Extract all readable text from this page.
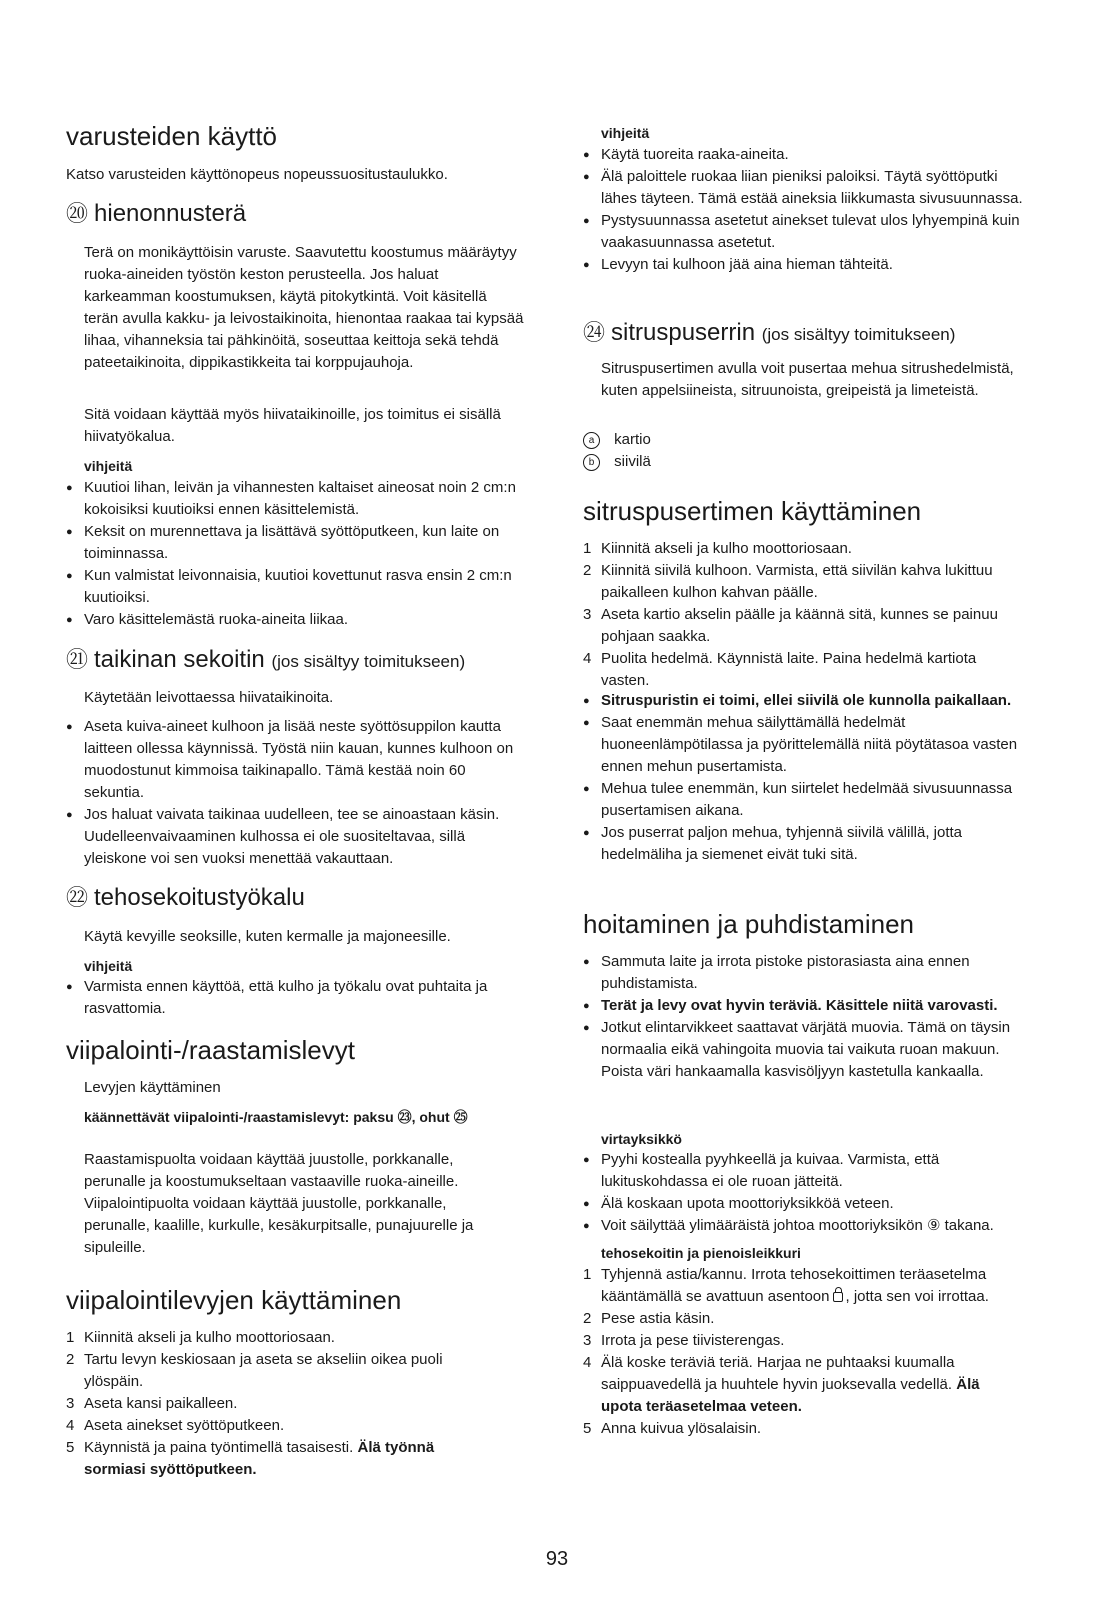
varusteiden käyttö
Katso varusteiden käyttönopeus nopeussuositustaulukko.
⑳ hienonnusterä
Terä on monikäyttöisin varuste. Saavutettu koostumus määräytyy ruoka-aineiden työstön keston perusteella. Jos haluat karkeamman koostumuksen, käytä pitokytkintä. Voit käsitellä terän avulla kakku- ja leivostaikinoita, hienontaa raakaa tai kypsää lihaa, vihanneksia tai pähkinöitä, soseuttaa keittoja sekä tehdä pateetaikinoita, dippikastikkeita tai korppujauhoja.
Sitä voidaan käyttää myös hiivataikinoille, jos toimitus ei sisällä hiivatyökalua.
vihjeitä
● Kuutioi lihan, leivän ja vihannesten kaltaiset aineosat noin 2 cm:n kokoisiksi kuutioiksi ennen käsittelemistä.
● Keksit on murennettava ja lisättävä syöttöputkeen, kun laite on toiminnassa.
● Kun valmistat leivonnaisia, kuutioi kovettunut rasva ensin 2 cm:n kuutioiksi.
● Varo käsittelemästä ruoka-aineita liikaa.
㉑ taikinan sekoitin (jos sisältyy toimitukseen)
Käytetään leivottaessa hiivataikinoita.
● Aseta kuiva-aineet kulhoon ja lisää neste syöttösuppilon kautta laitteen ollessa käynnissä. Työstä niin kauan, kunnes kulhoon on muodostunut kimmoisa taikinapallo. Tämä kestää noin 60 sekuntia.
● Jos haluat vaivata taikinaa uudelleen, tee se ainoastaan käsin. Uudelleenvaivaaminen kulhossa ei ole suositeltavaa, sillä yleiskone voi sen vuoksi menettää vakauttaan.
㉒ tehosekoitustyökalu
Käytä kevyille seoksille, kuten kermalle ja majoneesille.
vihjeitä
● Varmista ennen käyttöä, että kulho ja työkalu ovat puhtaita ja rasvattomia.
viipalointi-/raastamislevyt
Levyjen käyttäminen
käännettävät viipalointi-/raastamislevyt: paksu ㉓, ohut ㉕
Raastamispuolta voidaan käyttää juustolle, porkkanalle, perunalle ja koostumukseltaan vastaaville ruoka-aineille. Viipalointipuolta voidaan käyttää juustolle, porkkanalle, perunalle, kaalille, kurkulle, kesäkurpitsalle, punajuurelle ja sipuleille.
viipalointilevyjen käyttäminen
1 Kiinnitä akseli ja kulho moottoriosaan.
2 Tartu levyn keskiosaan ja aseta se akseliin oikea puoli ylöspäin.
3 Aseta kansi paikalleen.
4 Aseta ainekset syöttöputkeen.
5 Käynnistä ja paina työntimellä tasaisesti. Älä työnnä sormiasi syöttöputkeen.
vihjeitä
● Käytä tuoreita raaka-aineita.
● Älä paloittele ruokaa liian pieniksi paloiksi. Täytä syöttöputki lähes täyteen. Tämä estää aineksia liikkumasta sivusuunnassa.
● Pystysuunnassa asetetut ainekset tulevat ulos lyhyempinä kuin vaakasuunnassa asetetut.
● Levyyn tai kulhoon jää aina hieman tähteitä.
㉔ sitruspuserrin (jos sisältyy toimitukseen)
Sitruspusertimen avulla voit pusertaa mehua sitrushedelmistä, kuten appelsiineista, sitruunoista, greipeistä ja limeteistä.
a kartio
b siivilä
sitruspusertimen käyttäminen
1 Kiinnitä akseli ja kulho moottoriosaan.
2 Kiinnitä siivilä kulhoon. Varmista, että siivilän kahva lukittuu paikalleen kulhon kahvan päälle.
3 Aseta kartio akselin päälle ja käännä sitä, kunnes se painuu pohjaan saakka.
4 Puolita hedelmä. Käynnistä laite. Paina hedelmä kartiota vasten.
● Sitruspuristin ei toimi, ellei siivilä ole kunnolla paikallaan.
● Saat enemmän mehua säilyttämällä hedelmät huoneenlämpötilassa ja pyörittelemällä niitä pöytätasoa vasten ennen mehun pusertamista.
● Mehua tulee enemmän, kun siirtelet hedelmää sivusuunnassa pusertamisen aikana.
● Jos puserrat paljon mehua, tyhjennä siivilä välillä, jotta hedelmäliha ja siemenet eivät tuki sitä.
hoitaminen ja puhdistaminen
● Sammuta laite ja irrota pistoke pistorasiasta aina ennen puhdistamista.
● Terät ja levy ovat hyvin teräviä. Käsittele niitä varovasti.
● Jotkut elintarvikkeet saattavat värjätä muovia. Tämä on täysin normaalia eikä vahingoita muovia tai vaikuta ruoan makuun. Poista väri hankaamalla kasvisöljyyn kastetulla kankaalla.
virtayksikkö
● Pyyhi kostealla pyyhkeellä ja kuivaa. Varmista, että lukituskohdassa ei ole ruoan jätteitä.
● Älä koskaan upota moottoriyksikköä veteen.
● Voit säilyttää ylimääräistä johtoa moottoriyksikön ⑨ takana.
tehosekoitin ja pienoisleikkuri
1 Tyhjennä astia/kannu. Irrota tehosekoittimen teräasetelma kääntämällä se avattuun asentoon , jotta sen voi irrottaa.
2 Pese astia käsin.
3 Irrota ja pese tiivisterengas.
4 Älä koske teräviä teriä. Harjaa ne puhtaaksi kuumalla saippuavedellä ja huuhtele hyvin juoksevalla vedellä. Älä upota teräasetelmaa veteen.
5 Anna kuivua ylösalaisin.
93
